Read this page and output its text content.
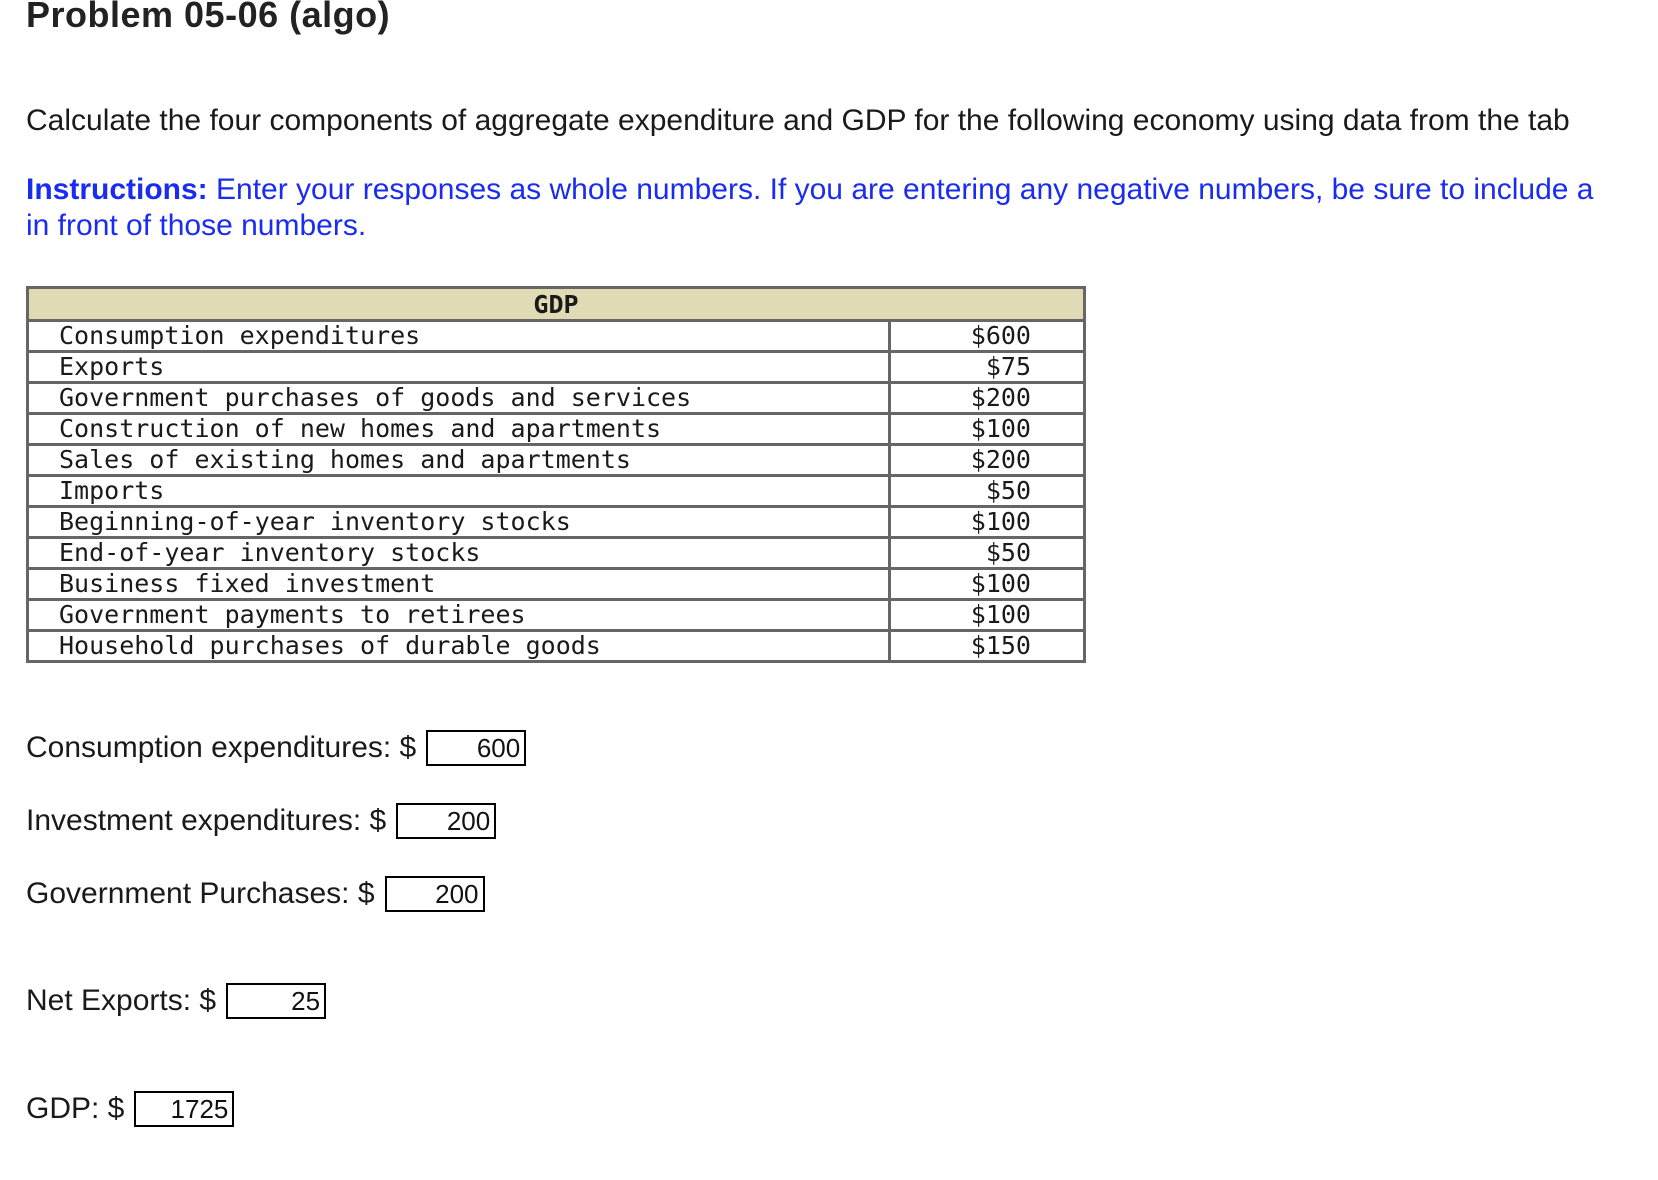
Problem 05-06 (algo)
Calculate the four components of aggregate expenditure and GDP for the following economy using data from the tab
Instructions: Enter your responses as whole numbers. If you are entering any negative numbers, be sure to include a
in front of those numbers.
GDP	
Consumption expenditures	$600
Exports	$75
Government purchases of goods and services	$200
Construction of new homes and apartments	$100
Sales of existing homes and apartments	$200
Imports	$50
Beginning-of-year inventory stocks	$100
End-of-year inventory stocks	$50
Business fixed investment	$100
Government payments to retirees	$100
Household purchases of durable goods	$150
Consumption expenditures: $
600
Investment expenditures: $
200
Government Purchases: $
200
Net Exports: $
25
GDP: $
1725
